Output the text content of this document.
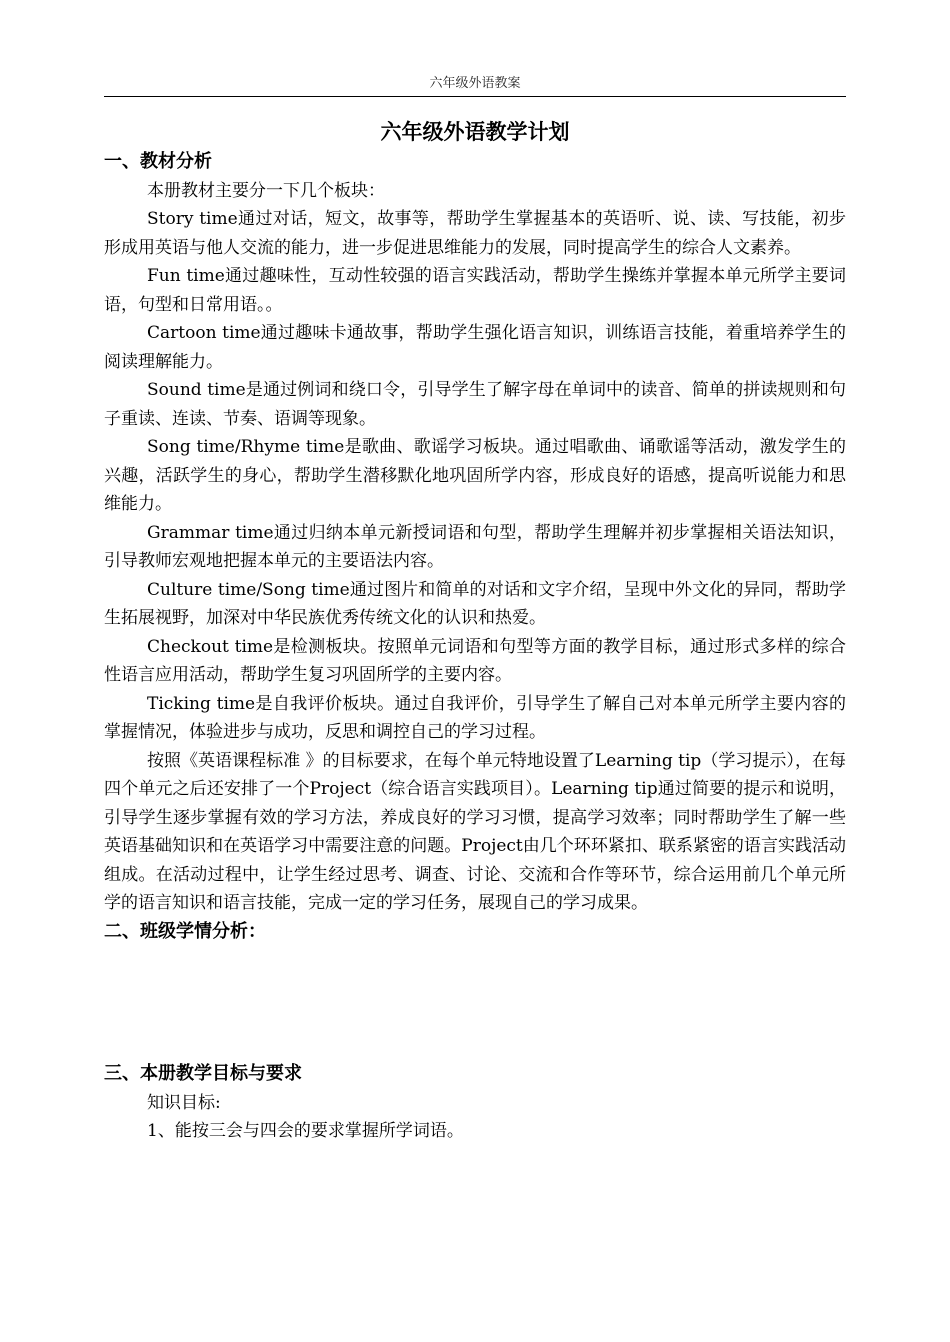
六年级外语教案
六年级外语教学计划
一、教材分析

本册教材主要分一下几个板块：

Story time通过对话，短文，故事等，帮助学生掌握基本的英语听、说、读、写技能，初步形成用英语与他人交流的能力，进一步促进思维能力的发展，同时提高学生的综合人文素养。

Fun time通过趣味性，互动性较强的语言实践活动，帮助学生操练并掌握本单元所学主要词语，句型和日常用语。。

Cartoon time通过趣味卡通故事，帮助学生强化语言知识，训练语言技能，着重培养学生的阅读理解能力。

Sound time是通过例词和绕口令，引导学生了解字母在单词中的读音、简单的拼读规则和句子重读、连读、节奏、语调等现象。

Song time/Rhyme time是歌曲、歌谣学习板块。通过唱歌曲、诵歌谣等活动，激发学生的兴趣，活跃学生的身心，帮助学生潜移默化地巩固所学内容，形成良好的语感，提高听说能力和思维能力。

Grammar time通过归纳本单元新授词语和句型，帮助学生理解并初步掌握相关语法知识，引导教师宏观地把握本单元的主要语法内容。

Culture time/Song time通过图片和简单的对话和文字介绍，呈现中外文化的异同，帮助学生拓展视野，加深对中华民族优秀传统文化的认识和热爱。

Checkout time是检测板块。按照单元词语和句型等方面的教学目标，通过形式多样的综合性语言应用活动，帮助学生复习巩固所学的主要内容。

Ticking time是自我评价板块。通过自我评价，引导学生了解自己对本单元所学主要内容的掌握情况，体验进步与成功，反思和调控自己的学习过程。

按照《英语课程标准 》的目标要求，在每个单元特地设置了Learning tip（学习提示），在每四个单元之后还安排了一个Project（综合语言实践项目）。Learning tip通过简要的提示和说明，引导学生逐步掌握有效的学习方法，养成良好的学习习惯，提高学习效率；同时帮助学生了解一些英语基础知识和在英语学习中需要注意的问题。Project由几个环环紧扣、联系紧密的语言实践活动组成。在活动过程中，让学生经过思考、调查、讨论、交流和合作等环节，综合运用前几个单元所学的语言知识和语言技能，完成一定的学习任务，展现自己的学习成果。

二、班级学情分析：
三、本册教学目标与要求

知识目标:

1、能按三会与四会的要求掌握所学词语。
